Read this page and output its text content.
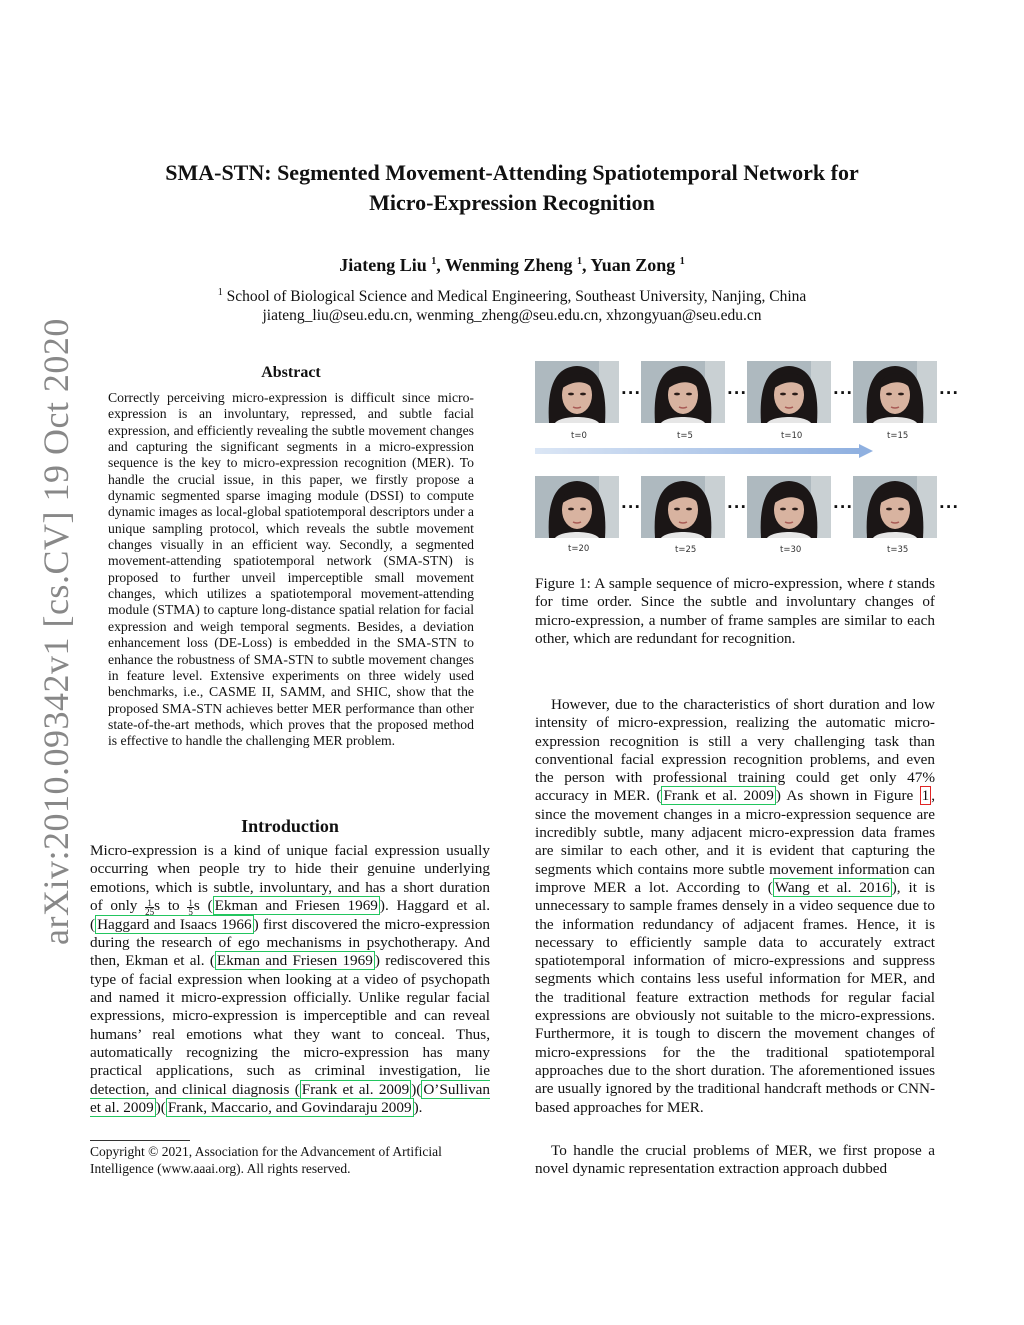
SMA-STN: Segmented Movement-Attending Spatiotemporal Network for
Micro-Expression Recognition
Jiateng Liu $^1$, Wenming Zheng $^1$, Yuan Zong $^1$
$^1$ School of Biological Science and Medical Engineering, Southeast University, Nanjing, China
jiateng_liu@seu.edu.cn, wenming_zheng@seu.edu.cn, xhzongyuan@seu.edu.cn
arXiv:2010.09342v1 [cs.CV] 19 Oct 2020	Abstract
Correctly perceiving micro-expression is difficult since micro-expression is an involuntary, repressed, and subtle facial expression, and efficiently revealing the subtle movement changes and capturing the significant segments in a micro-expression sequence is the key to micro-expression recognition (MER). To handle the crucial issue, in this paper, we firstly propose a dynamic segmented sparse imaging module (DSSI) to compute dynamic images as local-global spatiotemporal descriptors under a unique sampling protocol, which reveals the subtle movement changes visually in an efficient way. Secondly, a segmented movement-attending spatiotemporal network (SMA-STN) is proposed to further unveil imperceptible small movement changes, which utilizes a spatiotemporal movement-attending module (STMA) to capture long-distance spatial relation for facial expression and weigh temporal segments. Besides, a deviation enhancement loss (DE-Loss) is embedded in the SMA-STN to enhance the robustness of SMA-STN to subtle movement changes in feature level. Extensive experiments on three widely used benchmarks, i.e., CASME II, SAMM, and SHIC, show that the proposed SMA-STN achieves better MER performance than other state-of-the-art methods, which proves that the proposed method is effective to handle the challenging MER problem.
Introduction
Micro-expression is a kind of unique facial expression usually occurring when people try to hide their genuine underlying emotions, which is subtle, involuntary, and has a short duration of only $\frac{1}{25}$ s to $\frac{1}{5}$ s ( Ekman and Friesen 1969 ). Haggard et al. ( Haggard and Isaacs 1966 ) first discovered the micro-expression during the research of ego mechanisms in psychotherapy. And then, Ekman et al. ( Ekman and Friesen 1969 ) rediscovered this type of facial expression when looking at a video of psychopath and named it micro-expression officially. Unlike regular facial expressions, micro-expression is imperceptible and can reveal humans’ real emotions what they want to conceal. Thus, automatically recognizing the micro-expression has many practical applications, such as criminal investigation, lie detection, and clinical diagnosis ( Frank et al. 2009 )( O’Sullivan et al. 2009 )( Frank, Maccario, and Govindaraju 2009 ).
Copyright © 2021, Association for the Advancement of Artificial Intelligence (www.aaai.org). All rights reserved.
...	...	...	...
t=0	t=5	t=10	t=15
...	...	...	...
t=20	t=25	t=30	t=35
Figure 1: A sample sequence of micro-expression, where t stands for time order. Since the subtle and involuntary changes of micro-expression, a number of frame samples are similar to each other, which are redundant for recognition.
However, due to the characteristics of short duration and low intensity of micro-expression, realizing the automatic micro-expression recognition is still a very challenging task than conventional facial expression recognition problems, and even the person with professional training could get only 47% accuracy in MER. ( Frank et al. 2009 ) As shown in Figure 1 , since the movement changes in a micro-expression sequence are incredibly subtle, many adjacent micro-expression data frames are similar to each other, and it is evident that capturing the segments which contains more subtle movement information can improve MER a lot. According to ( Wang et al. 2016 ), it is unnecessary to sample frames densely in a video sequence due to the information redundancy of adjacent frames. Hence, it is necessary to efficiently sample data to accurately extract spatiotemporal information of micro-expressions and suppress segments which contains less useful information for MER, and the traditional feature extraction methods for regular facial expressions are obviously not suitable to the micro-expressions. Furthermore, it is tough to discern the movement changes of micro-expressions for the the traditional spatiotemporal approaches due to the short duration. The aforementioned issues are usually ignored by the traditional handcraft methods or CNN-based approaches for MER.
To handle the crucial problems of MER, we first propose a novel dynamic representation extraction approach dubbed
